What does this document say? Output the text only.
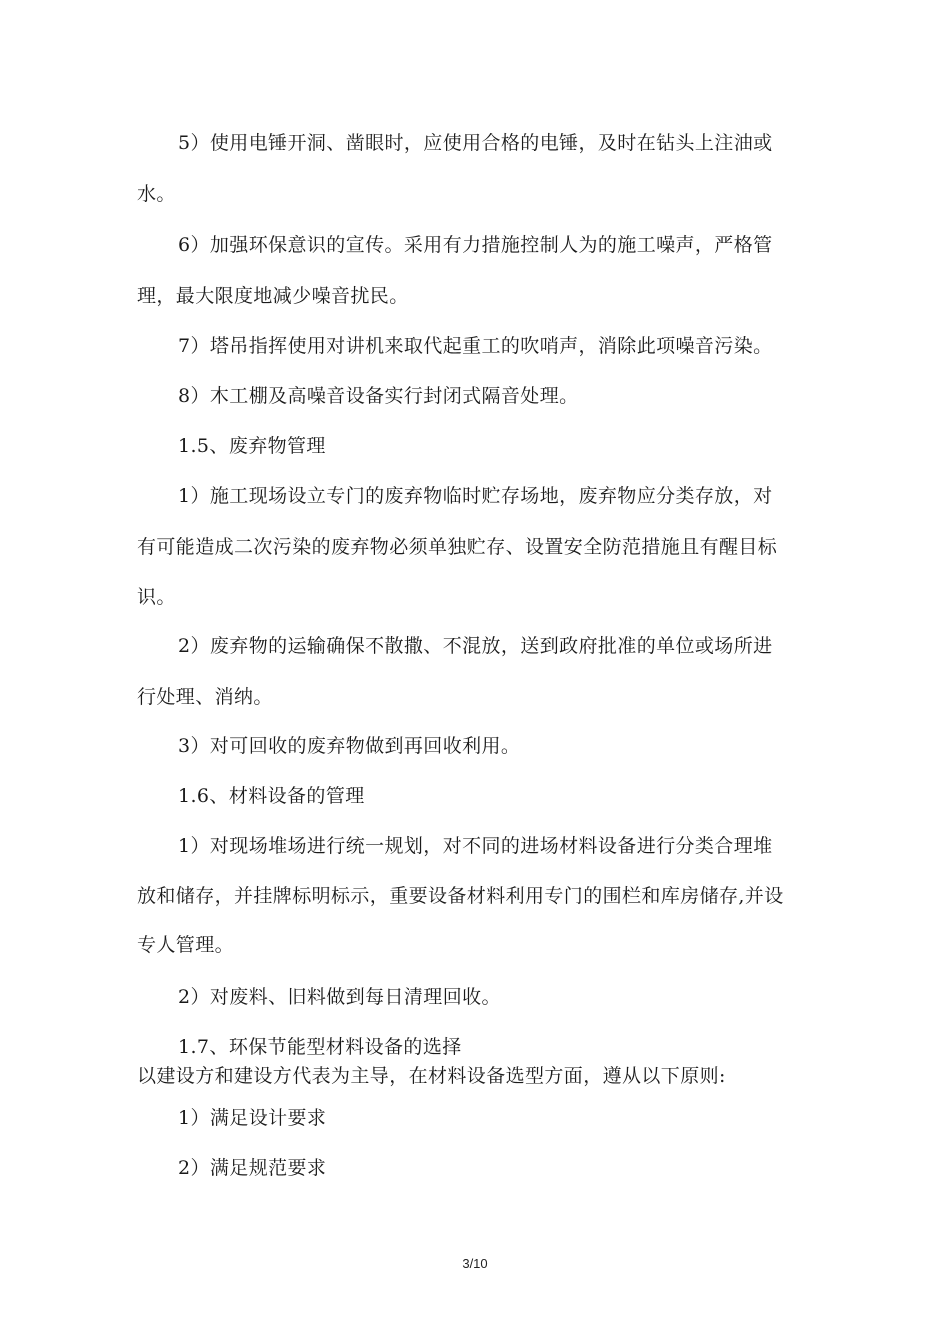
5）使用电锤开洞、凿眼时，应使用合格的电锤，及时在钻头上注油或
水。
6）加强环保意识的宣传。采用有力措施控制人为的施工噪声，严格管
理，最大限度地减少噪音扰民。
7）塔吊指挥使用对讲机来取代起重工的吹哨声，消除此项噪音污染。
8）木工棚及高噪音设备实行封闭式隔音处理。
1.5、废弃物管理
1）施工现场设立专门的废弃物临时贮存场地，废弃物应分类存放，对
有可能造成二次污染的废弃物必须单独贮存、设置安全防范措施且有醒目标
识。
2）废弃物的运输确保不散撒、不混放，送到政府批准的单位或场所进
行处理、消纳。
3）对可回收的废弃物做到再回收利用。
1.6、材料设备的管理
1）对现场堆场进行统一规划，对不同的进场材料设备进行分类合理堆
放和储存，并挂牌标明标示，重要设备材料利用专门的围栏和库房储存,并设
专人管理。
2）对废料、旧料做到每日清理回收。
1.7、环保节能型材料设备的选择
以建设方和建设方代表为主导，在材料设备选型方面，遵从以下原则:
1）满足设计要求
2）满足规范要求
3/10
